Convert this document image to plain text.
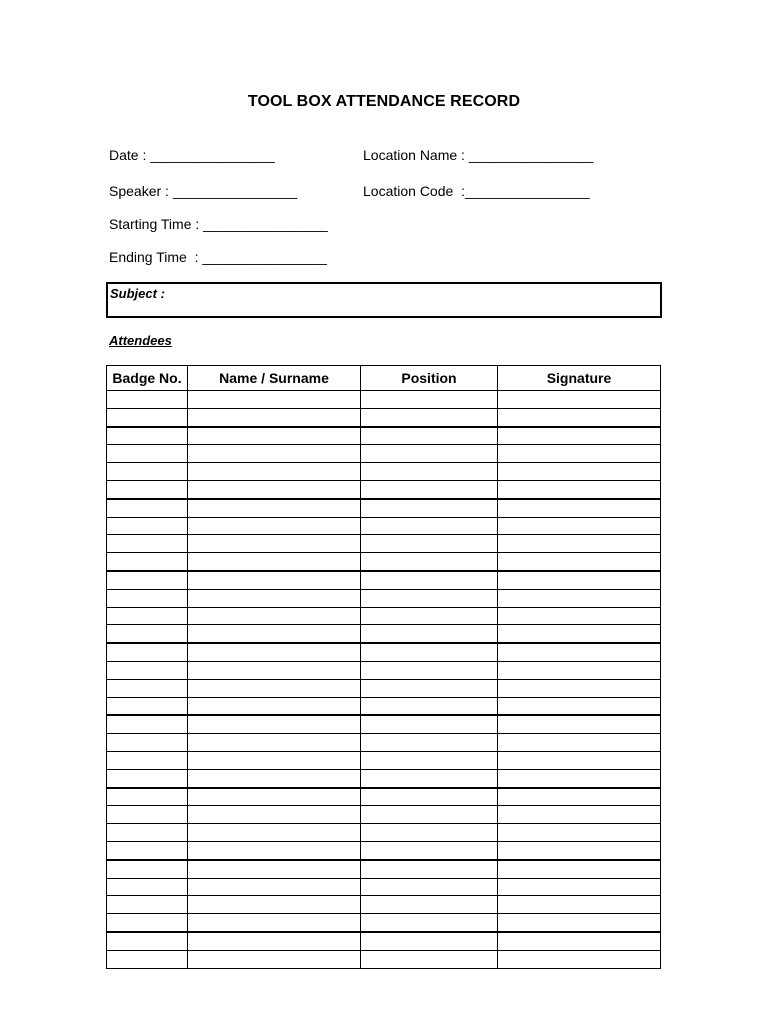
TOOL BOX ATTENDANCE RECORD
Date : ________________	Location Name : ________________
Speaker : ________________	Location Code  :________________
Starting Time : ________________
Ending Time  : ________________
Subject :
Attendees
Badge No.	Name / Surname	Position	Signature
